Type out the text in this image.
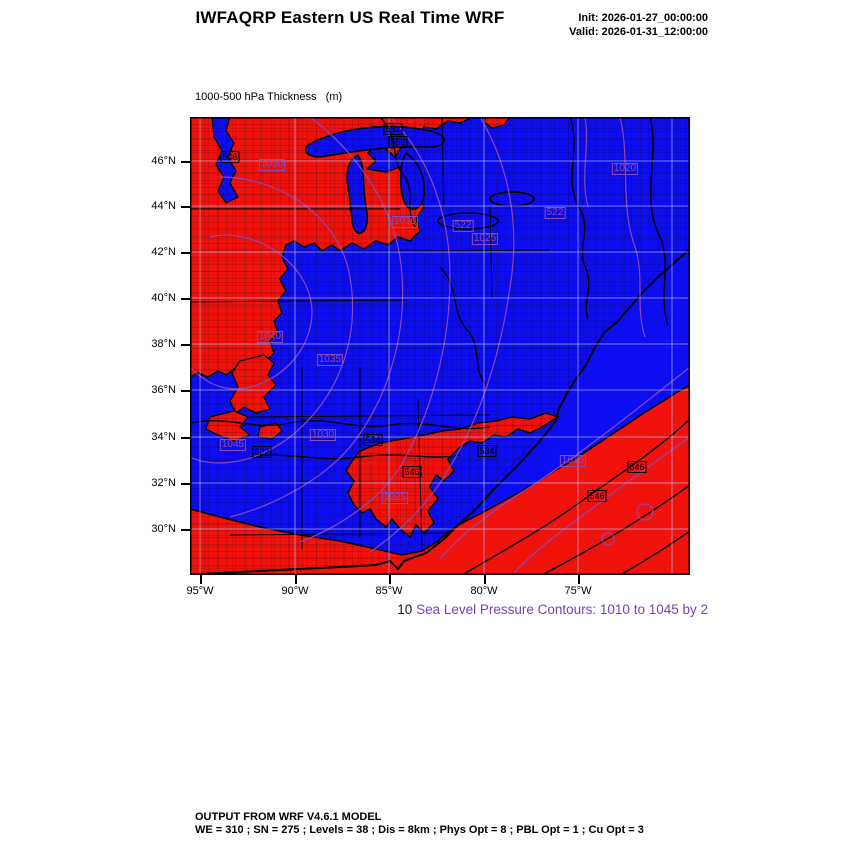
IWFAQRP Eastern US Real Time WRF	Init: 2026-01-27_00:00:00
Valid: 2026-01-31_12:00:00

1000-500 hPa Thickness   (m)

546
552
552
534
546
534
546
546
522
1030
1030	522
522
1025
1020
1040
1035
1030
1045
1015
1025
46°N
44°N
42°N
40°N
38°N
36°N
34°N
32°N
30°N
95°W	90°W	85°W	80°W	75°W
10 Sea Level Pressure Contours: 1010 to 1045 by 2
OUTPUT FROM WRF V4.6.1 MODEL
WE = 310 ; SN = 275 ; Levels = 38 ; Dis = 8km ; Phys Opt = 8 ; PBL Opt = 1 ; Cu Opt = 3
